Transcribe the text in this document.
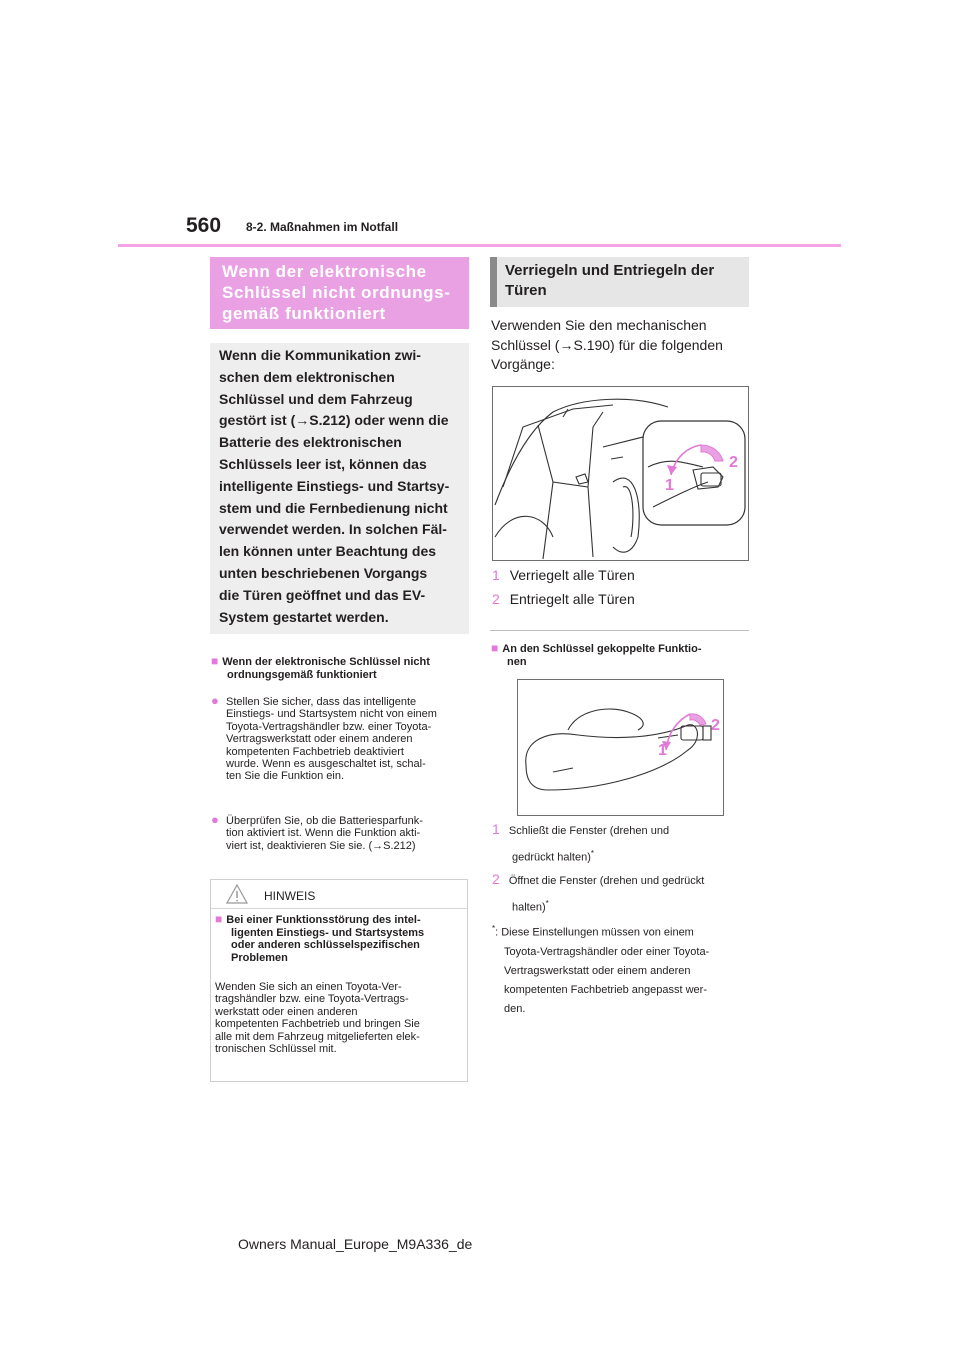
560 8-2. Maßnahmen im Notfall
Wenn der elektronische
Schlüssel nicht ordnungs-
gemäß funktioniert
Wenn die Kommunikation zwi-
schen dem elektronischen
Schlüssel und dem Fahrzeug
gestört ist (→S.212) oder wenn die
Batterie des elektronischen
Schlüssels leer ist, können das
intelligente Einstiegs- und Startsy-
stem und die Fernbedienung nicht
verwendet werden. In solchen Fäl-
len können unter Beachtung des
unten beschriebenen Vorgangs
die Türen geöffnet und das EV-
System gestartet werden.
■ Wenn der elektronische Schlüssel nicht
ordnungsgemäß funktioniert
● Stellen Sie sicher, dass das intelligente
Einstiegs- und Startsystem nicht von einem
Toyota-Vertragshändler bzw. einer Toyota-
Vertragswerkstatt oder einem anderen
kompetenten Fachbetrieb deaktiviert
wurde. Wenn es ausgeschaltet ist, schal-
ten Sie die Funktion ein.
● Überprüfen Sie, ob die Batteriesparfunk-
tion aktiviert ist. Wenn die Funktion akti-
viert ist, deaktivieren Sie sie. (→S.212)
HINWEIS
■ Bei einer Funktionsstörung des intel-
ligenten Einstiegs- und Startsystems
oder anderen schlüsselspezifischen
Problemen
Wenden Sie sich an einen Toyota-Ver-
tragshändler bzw. eine Toyota-Vertrags-
werkstatt oder einen anderen
kompetenten Fachbetrieb und bringen Sie
alle mit dem Fahrzeug mitgelieferten elek-
tronischen Schlüssel mit.
Verriegeln und Entriegeln der
Türen
Verwenden Sie den mechanischen
Schlüssel (→S.190) für die folgenden
Vorgänge:
2
1
1 Verriegelt alle Türen
2 Entriegelt alle Türen
■ An den Schlüssel gekoppelte Funktio-
nen
2
1
1 Schließt die Fenster (drehen und
gedrückt halten)*
2 Öffnet die Fenster (drehen und gedrückt
halten)*
*: Diese Einstellungen müssen von einem
Toyota-Vertragshändler oder einer Toyota-
Vertragswerkstatt oder einem anderen
kompetenten Fachbetrieb angepasst wer-
den.
Owners Manual_Europe_M9A336_de
